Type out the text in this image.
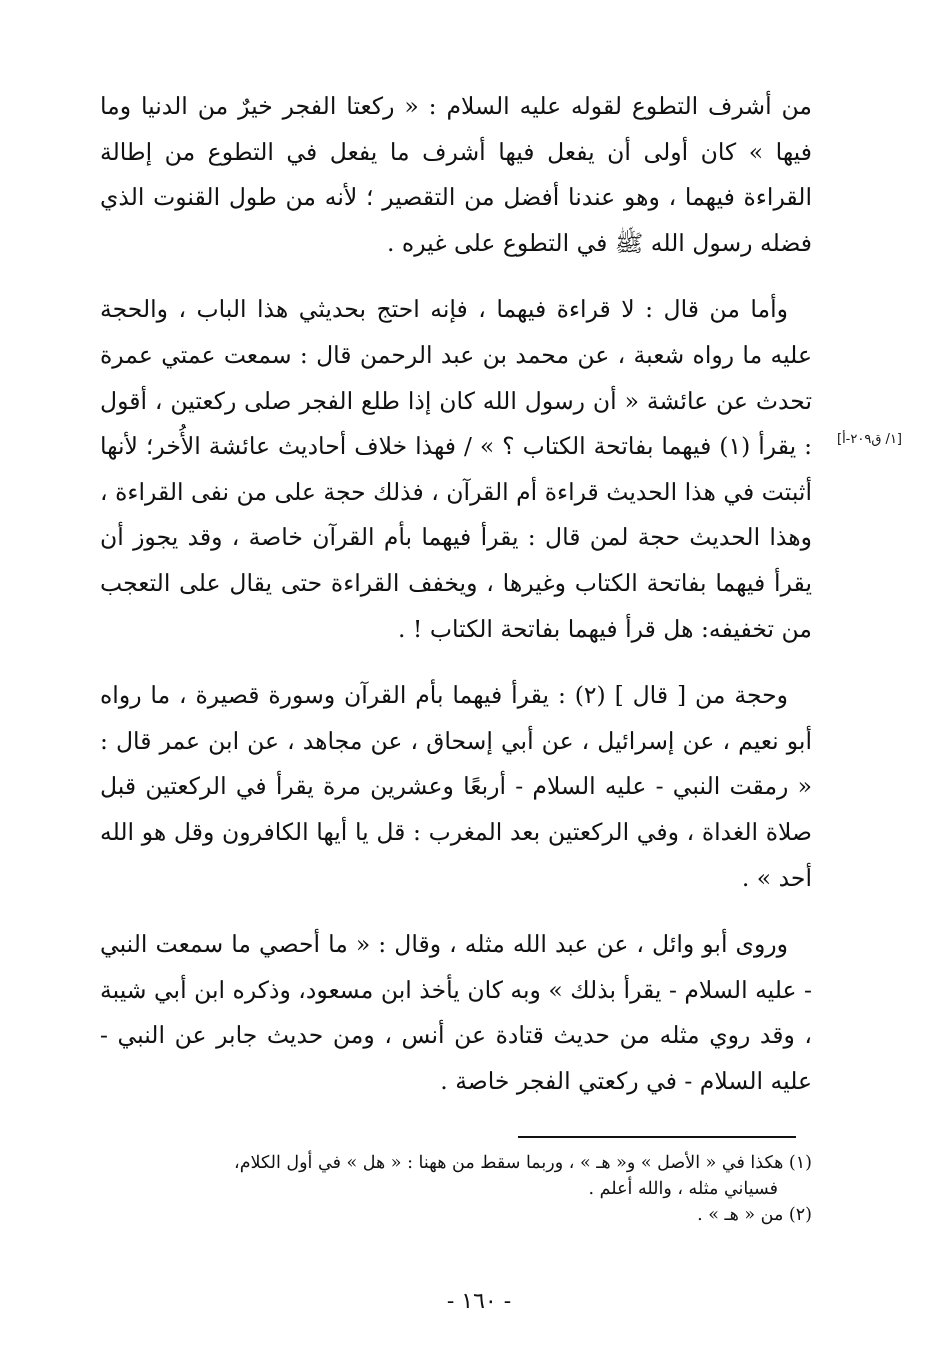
من أشرف التطوع لقوله عليه السلام : « ركعتا الفجر خيرٌ من الدنيا وما فيها » كان أولى أن يفعل فيها أشرف ما يفعل في التطوع من إطالة القراءة فيهما ، وهو عندنا أفضل من التقصير ؛ لأنه من طول القنوت الذي فضله رسول الله ﷺ في التطوع على غيره .

وأما من قال : لا قراءة فيهما ، فإنه احتج بحديثي هذا الباب ، والحجة عليه ما رواه شعبة ، عن محمد بن عبد الرحمن قال : سمعت عمتي عمرة تحدث عن عائشة « أن رسول الله كان إذا طلع الفجر صلى ركعتين ، أقول : يقرأ (١) فيهما بفاتحة الكتاب ؟ » / فهذا خلاف أحاديث عائشة الأُخر؛ لأنها أثبتت في هذا الحديث قراءة أم القرآن ، فذلك حجة على من نفى القراءة ، وهذا الحديث حجة لمن قال : يقرأ فيهما بأم القرآن خاصة ، وقد يجوز أن يقرأ فيهما بفاتحة الكتاب وغيرها ، ويخفف القراءة حتى يقال على التعجب من تخفيفه: هل قرأ فيهما بفاتحة الكتاب ! .

وحجة من [ قال ] (٢) : يقرأ فيهما بأم القرآن وسورة قصيرة ، ما رواه أبو نعيم ، عن إسرائيل ، عن أبي إسحاق ، عن مجاهد ، عن ابن عمر قال : « رمقت النبي - عليه السلام - أربعًا وعشرين مرة يقرأ في الركعتين قبل صلاة الغداة ، وفي الركعتين بعد المغرب : قل يا أيها الكافرون وقل هو الله أحد » .

وروى أبو وائل ، عن عبد الله مثله ، وقال : « ما أحصي ما سمعت النبي - عليه السلام - يقرأ بذلك » وبه كان يأخذ ابن مسعود، وذكره ابن أبي شيبة ، وقد روي مثله من حديث قتادة عن أنس ، ومن حديث جابر عن النبي - عليه السلام - في ركعتي الفجر خاصة .

[١/ ق٢٠٩-أ]

(١) هكذا في « الأصل » و« هـ » ، وربما سقط من ههنا : « هل » في أول الكلام،

فسياني مثله ، والله أعلم .

(٢) من « هـ » .

- ١٦٠ -
